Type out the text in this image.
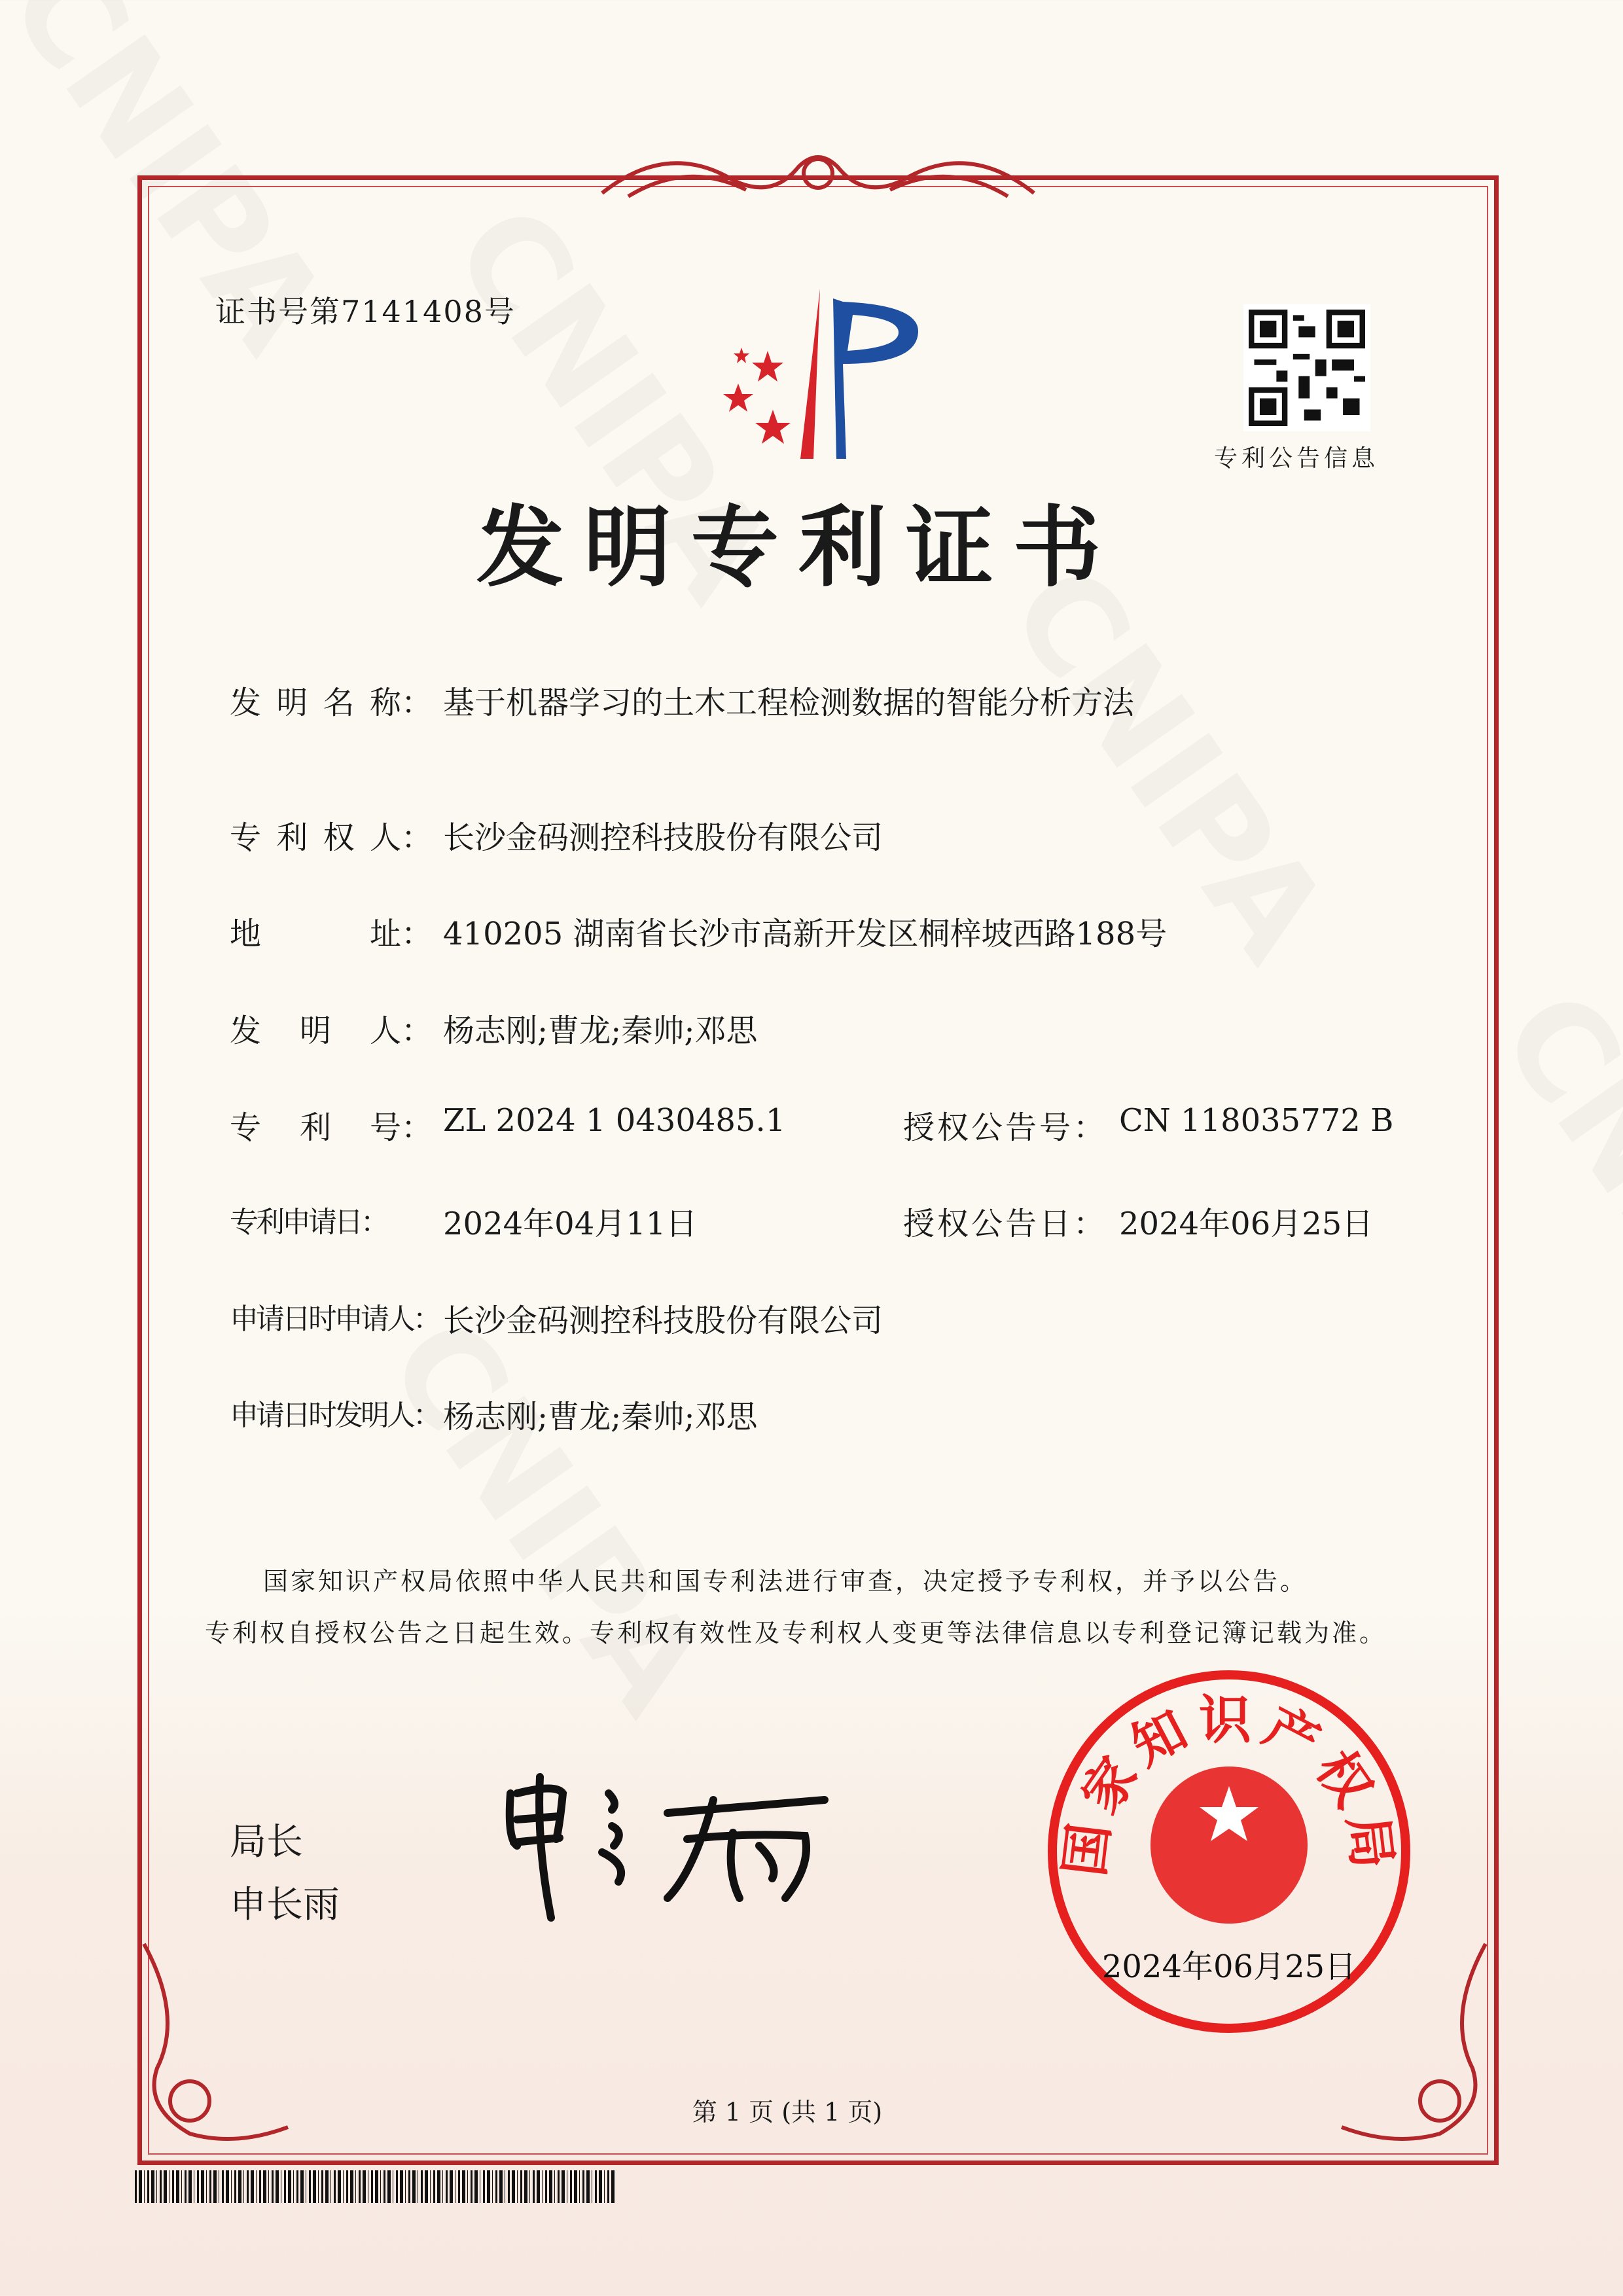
证书号第7141408号
专利公告信息
发明专利证书
发 明 名 称： 基于机器学习的土木工程检测数据的智能分析方法
专 利 权 人： 长沙金码测控科技股份有限公司
地	址： 410205 湖南省长沙市高新开发区桐梓坡西路188号
发 明 人： 杨志刚;曹龙;秦帅;邓思
专 利 号： ZL 2024 1 0430485.1	授权公告号： CN 118035772 B
专利申请日： 2024年04月11日	授权公告日： 2024年06月25日
申请日时申请人： 长沙金码测控科技股份有限公司
申请日时发明人： 杨志刚;曹龙;秦帅;邓思
国家知识产权局依照中华人民共和国专利法进行审查，决定授予专利权，并予以公告。
专利权自授权公告之日起生效。专利权有效性及专利权人变更等法律信息以专利登记簿记载为准。
局长
申长雨
国家知识产权局
2024年06月25日
第 1 页 (共 1 页)
